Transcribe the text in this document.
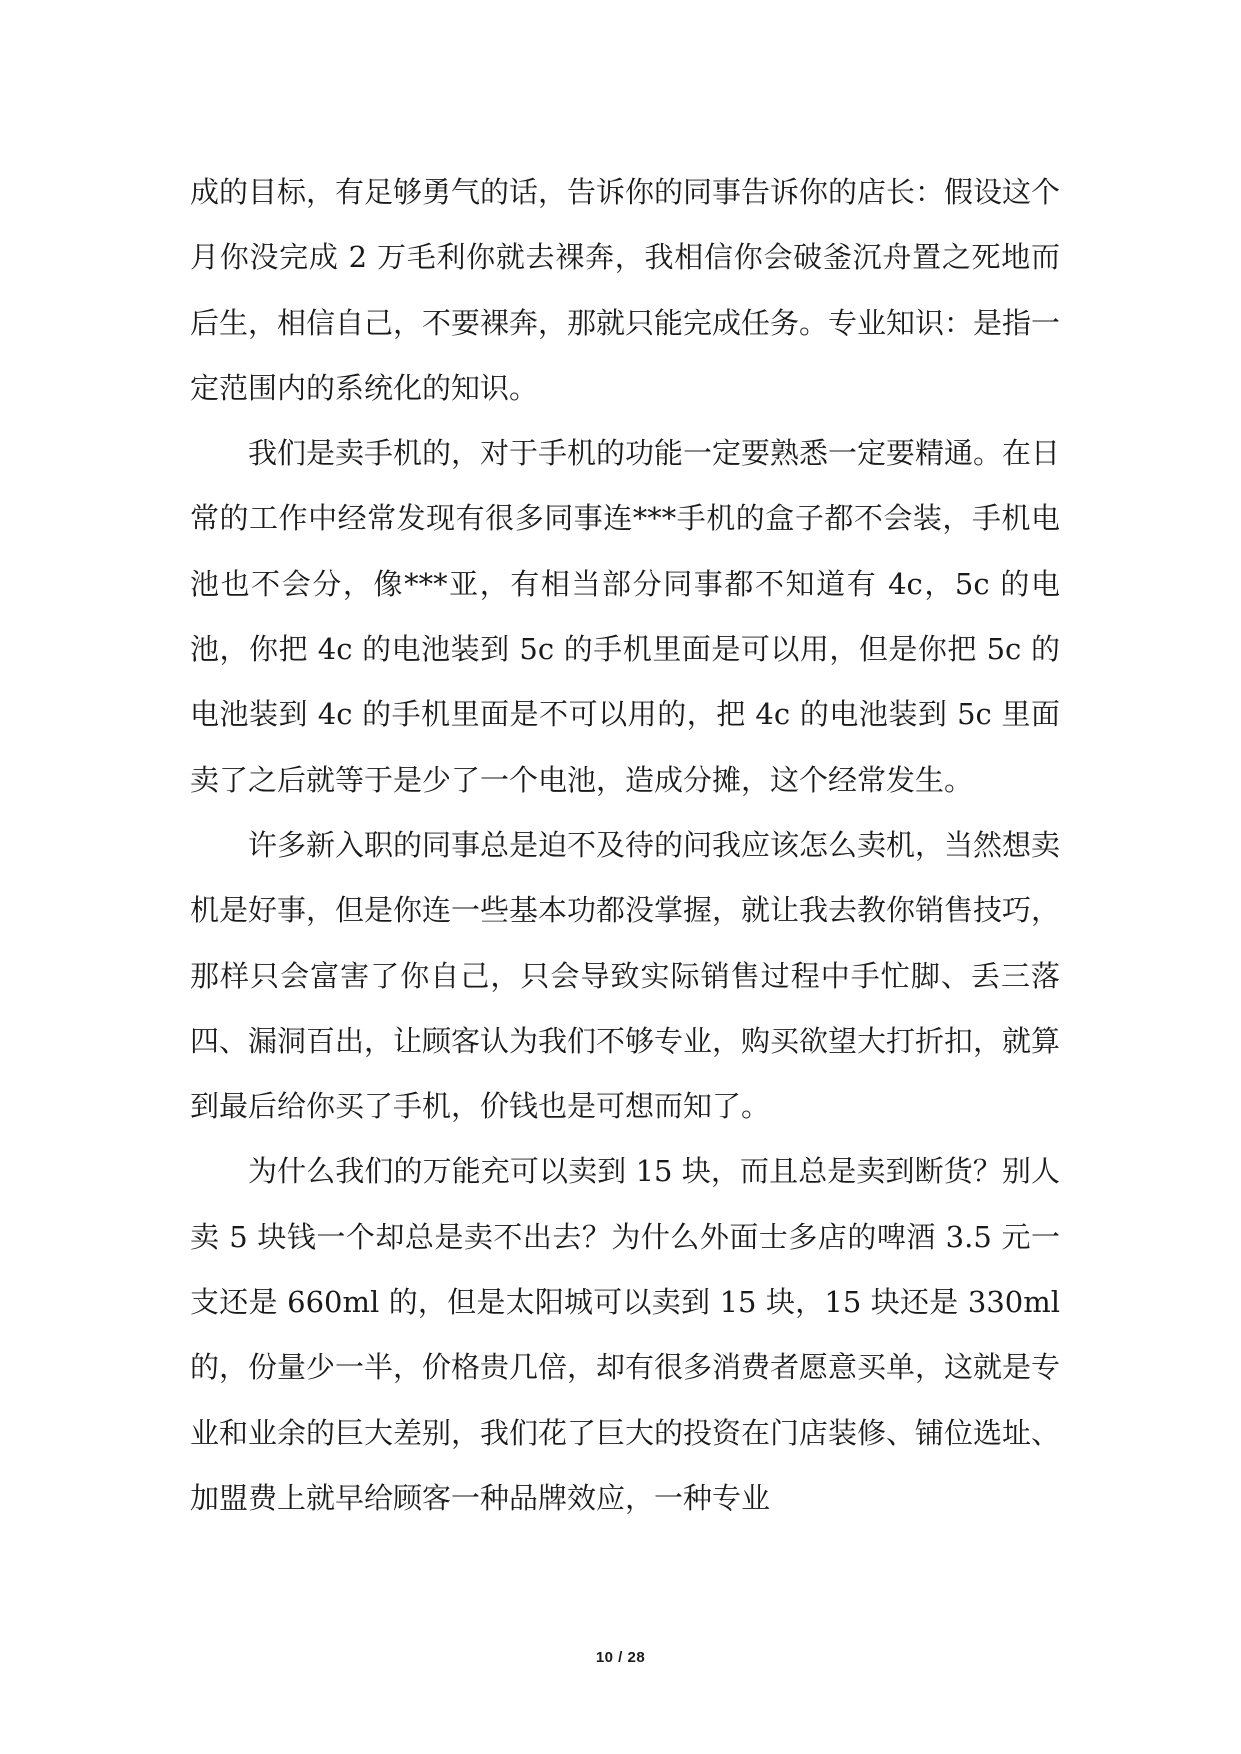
成的目标，有足够勇气的话，告诉你的同事告诉你的店长：假设这个月你没完成 2 万毛利你就去裸奔，我相信你会破釜沉舟置之死地而后生，相信自己，不要裸奔，那就只能完成任务。专业知识：是指一定范围内的系统化的知识。

我们是卖手机的，对于手机的功能一定要熟悉一定要精通。在日常的工作中经常发现有很多同事连***手机的盒子都不会装，手机电池也不会分，像***亚，有相当部分同事都不知道有 4c，5c 的电池，你把 4c 的电池装到 5c 的手机里面是可以用，但是你把 5c 的电池装到 4c 的手机里面是不可以用的，把 4c 的电池装到 5c 里面卖了之后就等于是少了一个电池，造成分摊，这个经常发生。

许多新入职的同事总是迫不及待的问我应该怎么卖机，当然想卖机是好事，但是你连一些基本功都没掌握，就让我去教你销售技巧，那样只会富害了你自己，只会导致实际销售过程中手忙脚、丢三落四、漏洞百出，让顾客认为我们不够专业，购买欲望大打折扣，就算到最后给你买了手机，价钱也是可想而知了。

为什么我们的万能充可以卖到 15 块，而且总是卖到断货？别人卖 5 块钱一个却总是卖不出去？为什么外面士多店的啤酒 3.5 元一支还是 660ml 的，但是太阳城可以卖到 15 块，15 块还是 330ml 的，份量少一半，价格贵几倍，却有很多消费者愿意买单，这就是专业和业余的巨大差别，我们花了巨大的投资在门店装修、铺位选址、加盟费上就早给顾客一种品牌效应，一种专业

10 / 28
